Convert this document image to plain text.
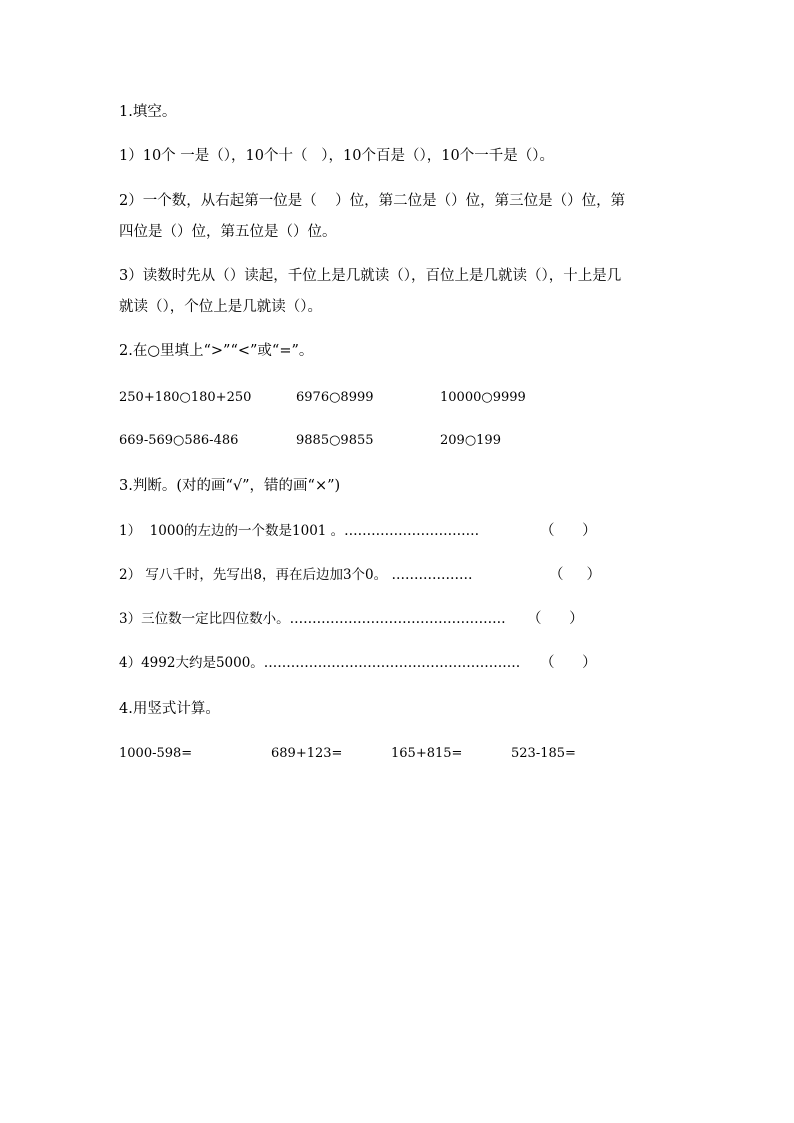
1.填空。
1）10个 一是（），10个十（   ），10个百是（），10个一千是（）。
2）一个数，从右起第一位是（    ）位，第二位是（）位，第三位是（）位，第
四位是（）位，第五位是（）位。
3）读数时先从（）读起，千位上是几就读（），百位上是几就读（），十上是几
就读（），个位上是几就读（）。
2.在○里填上“>”“<”或“=”。
250+180○180+250	6976○8999	10000○9999
669-569○586-486	9885○9855	209○199
3.判断。(对的画“√”，错的画“×”)
1）  1000的左边的一个数是1001 。…………………………	（      ）
2） 写八千时，先写出8，再在后边加3个0。 ………………	（     ）
3）三位数一定比四位数小。………………………………………… （      ）
4）4992大约是5000。………………………………………………… （      ）
4.用竖式计算。
1000-598=	689+123=	165+815=	523-185=
